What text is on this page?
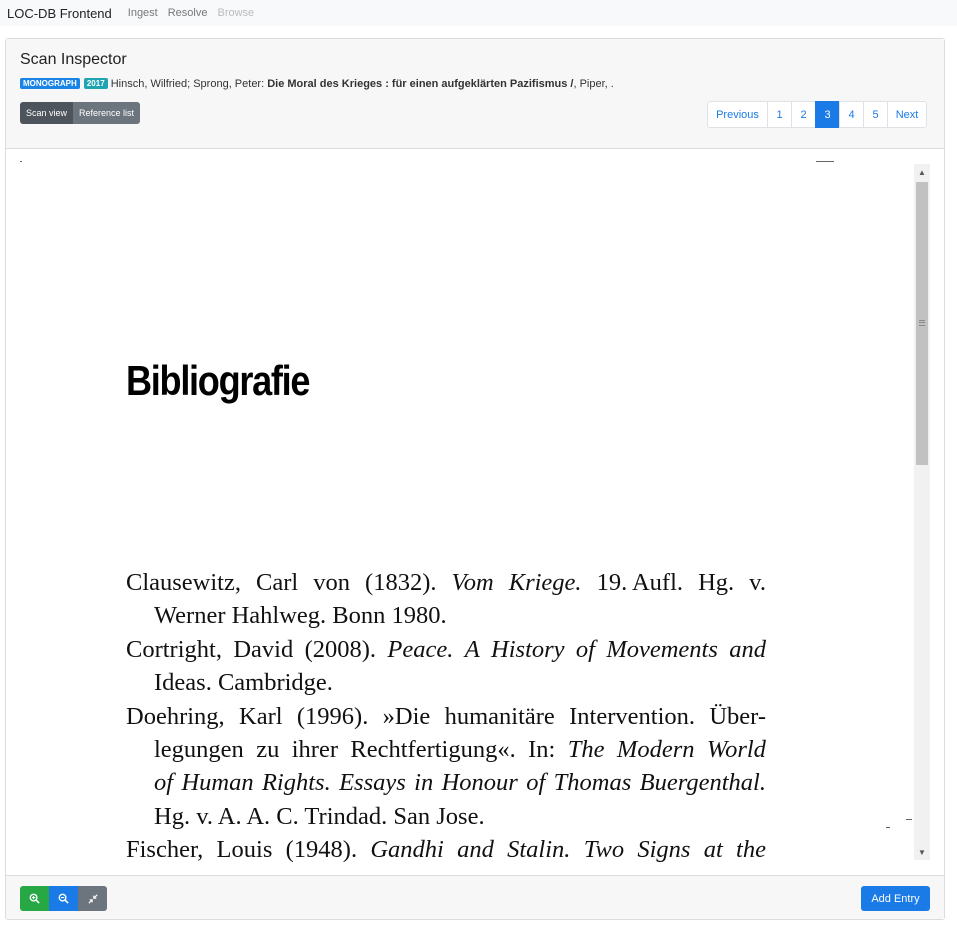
LOC-DB Frontend Ingest Resolve Browse
Scan Inspector
MONOGRAPH 2017 Hinsch, Wilfried; Sprong, Peter: Die Moral des Krieges : für einen aufgeklärten Pazifismus /, Piper, .
Scan view	Reference list	Previous	1	2	3	4	5	Next
Bibliografie
Clausewitz, Carl von (1832). Vom Kriege. 19. Aufl. Hg. v.
Werner Hahlweg. Bonn 1980.
Cortright, David (2008). Peace. A History of Movements and
Ideas. Cambridge.
Doehring, Karl (1996). »Die humanitäre Intervention. Über-
legungen zu ihrer Rechtfertigung«. In: The Modern World
of Human Rights. Essays in Honour of Thomas Buergenthal.
Hg. v. A. A. C. Trindad. San Jose.
Fischer, Louis (1948). Gandhi and Stalin. Two Signs at the
▲
▼
Add Entry
